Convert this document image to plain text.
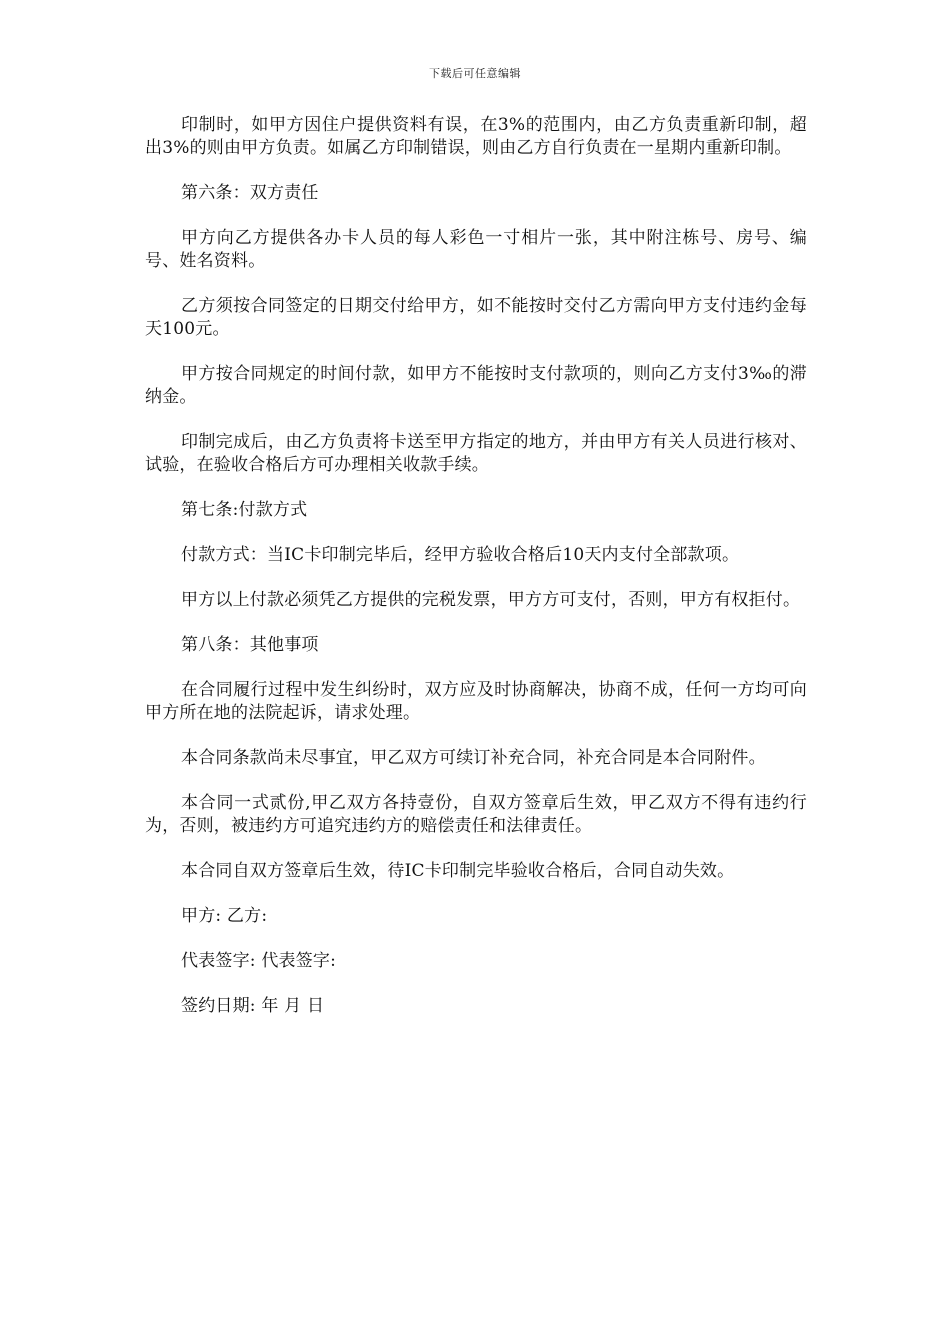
下载后可任意编辑

印制时，如甲方因住户提供资料有误，在3%的范围内，由乙方负责重新印制，超出3%的则由甲方负责。如属乙方印制错误，则由乙方自行负责在一星期内重新印制。

第六条：双方责任

甲方向乙方提供各办卡人员的每人彩色一寸相片一张，其中附注栋号、房号、编号、姓名资料。

乙方须按合同签定的日期交付给甲方，如不能按时交付乙方需向甲方支付违约金每天100元。

甲方按合同规定的时间付款，如甲方不能按时支付款项的，则向乙方支付3‰的滞纳金。

印制完成后，由乙方负责将卡送至甲方指定的地方，并由甲方有关人员进行核对、试验，在验收合格后方可办理相关收款手续。

第七条:付款方式

付款方式：当IC卡印制完毕后，经甲方验收合格后10天内支付全部款项。

甲方以上付款必须凭乙方提供的完税发票，甲方方可支付，否则，甲方有权拒付。

第八条：其他事项

在合同履行过程中发生纠纷时，双方应及时协商解决，协商不成，任何一方均可向甲方所在地的法院起诉，请求处理。

本合同条款尚未尽事宜，甲乙双方可续订补充合同，补充合同是本合同附件。

本合同一式贰份,甲乙双方各持壹份，自双方签章后生效，甲乙双方不得有违约行为，否则，被违约方可追究违约方的赔偿责任和法律责任。

本合同自双方签章后生效，待IC卡印制完毕验收合格后，合同自动失效。

甲方: 乙方:

代表签字: 代表签字:

签约日期: 年 月 日
